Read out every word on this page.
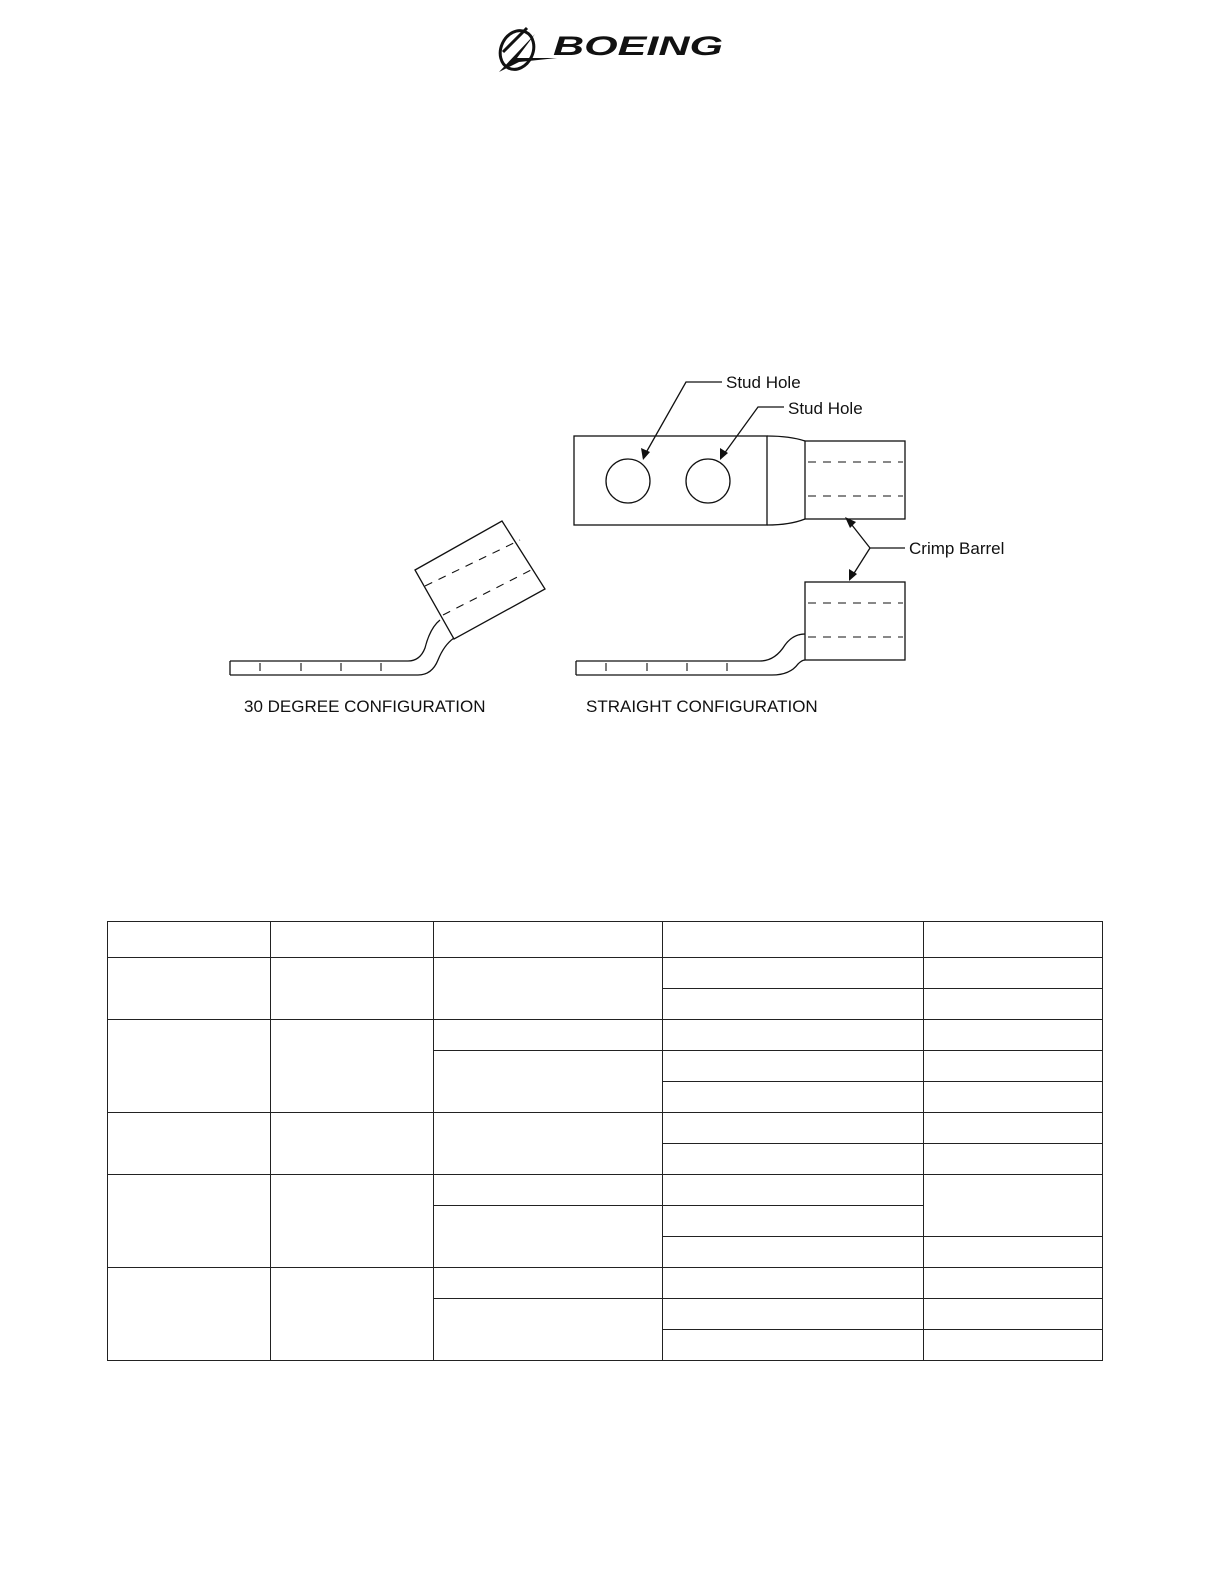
BOEING
Stud Hole
Stud Hole
Crimp Barrel
30 DEGREE CONFIGURATION	STRAIGHT CONFIGURATION
